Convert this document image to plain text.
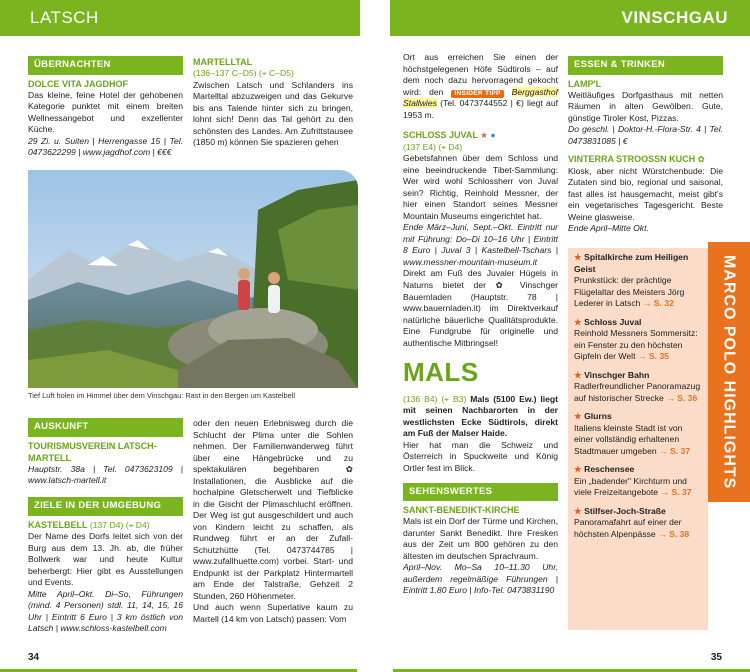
LATSCH	VINSCHGAU
ÜBERNACHTEN
DOLCE VITA JAGDHOF
Das kleine, feine Hotel der gehobenen Kategorie punktet mit einem breiten Wellnessangebot und exzellenter Küche.
29 Zi. u. Suiten | Herrengasse 15 | Tel. 0473622299 | www.jagdhof.com | €€€
MARTELLTAL
(136–137 C–D5) (⌖ C–D5)
Zwischen Latsch und Schlanders ins Martelltal abzuzweigen und das Gekurve bis ans Talende hinter sich zu bringen, lohnt sich! Denn das Tal gehört zu den schönsten des Landes. Am Zufrittstausee (1850 m) können Sie spazieren gehen
Tief Luft holen im Himmel über dem Vinschgau: Rast in den Bergen um Kastelbell
AUSKUNFT
TOURISMUSVEREIN LATSCH-MARTELL
Hauptstr. 38a | Tel. 0473623109 | www.latsch-martell.it
ZIELE IN DER UMGEBUNG
KASTELBELL (137 D4) (⌖ D4)
Der Name des Dorfs leitet sich von der Burg aus dem 13. Jh. ab, die früher Bollwerk war und heute Kultur beherbergt: Hier gibt es Ausstellungen und Events.
Mitte April–Okt. Di–So, Führungen (mind. 4 Personen) stdl. 11, 14, 15, 16 Uhr | Eintritt 6 Euro | 3 km östlich von Latsch | www.schloss-kastelbell.com
oder den neuen Erlebnisweg durch die Schlucht der Plima unter die Sohlen nehmen. Der Familienwanderweg führt über eine Hängebrücke und zu spektakulären begehbaren ✿ Installationen, die Ausblicke auf die hochalpine Gletscherwelt und Tiefblicke in die Gischt der Plimaschlucht eröffnen. Der Weg ist gut ausgeschildert und auch von Kindern leicht zu schaffen, als Rundweg führt er an der Zufall-Schutzhütte (Tel. 0473744785 | www.zufallhuette.com) vorbei. Start- und Endpunkt ist der Parkplatz Hintermartell am Ende der Talstraße, Gehzeit 2 Stunden, 260 Höhenmeter.
Und auch wenn Superlative kaum zu Martell (14 km von Latsch) passen: Vom
34
Ort aus erreichen Sie einen der höchstgelegenen Höfe Südtirols – auf dem noch dazu hervorragend gekocht wird: den INSIDER TIPP Berggasthof Stallwies (Tel. 0473744552 | €) liegt auf 1953 m.
SCHLOSS JUVAL ★ ●
(137 E4) (⌖ D4)
Gebetsfahnen über dem Schloss und eine beeindruckende Tibet-Sammlung: Wer wird wohl Schlossherr von Juval sein? Richtig, Reinhold Messner, der hier einen Standort seines Messner Mountain Museums eingerichtet hat.
Ende März–Juni, Sept.–Okt. Eintritt nur mit Führung: Do–Di 10–16 Uhr | Eintritt 8 Euro | Juval 3 | Kastelbell-Tschars | www.messner-mountain-museum.it
Direkt am Fuß des Juvaler Hügels in Naturns bietet der ✿ Vinschger Bauernladen (Hauptstr. 78 | www.bauernladen.it) im Direktverkauf natürliche bäuerliche Qualitätsprodukte. Eine Fundgrube für originelle und authentische Mitbringsel!
MALS
(136 B4) (⌖ B3) Mals (5100 Ew.) liegt mit seinen Nachbarorten in der westlichsten Ecke Südtirols, direkt am Fuß der Malser Haide.
Hier hat man die Schweiz und Österreich in Spuckweite und König Ortler fest im Blick.
SEHENSWERTES
SANKT-BENEDIKT-KIRCHE
Mals ist ein Dorf der Türme und Kirchen, darunter Sankt Benedikt. Ihre Fresken aus der Zeit um 800 gehören zu den ältesten im deutschen Sprachraum.
April–Nov. Mo–Sa 10–11.30 Uhr, außerdem regelmäßige Führungen | Eintritt 1,80 Euro | Info-Tel. 0473831190
ESSEN & TRINKEN
LAMP'L
Weitläufiges Dorfgasthaus mit netten Räumen in alten Gewölben. Gute, günstige Tiroler Kost, Pizzas.
Do geschl. | Doktor-H.-Flora-Str. 4 | Tel. 0473831085 | €
VINTERRA STROOSSN KUCH ✿
Kiosk, aber nicht Würstchenbude: Die Zutaten sind bio, regional und saisonal, fast alles ist hausgemacht, meist gibt's ein vegetarisches Tagesgericht. Beste Weine glasweise.
Ende April–Mitte Okt.
★ Spitalkirche zum Heiligen Geist
Prunkstück: der prächtige Flügelaltar des Meisters Jörg Lederer in Latsch → S. 32
★ Schloss Juval
Reinhold Messners Sommersitz: ein Fenster zu den höchsten Gipfeln der Welt → S. 35
★ Vinschger Bahn
Radlerfreundlicher Panoramazug auf historischer Strecke → S. 36
★ Glurns
Italiens kleinste Stadt ist von einer vollständig erhaltenen Stadtmauer umgeben → S. 37
★ Reschensee
Ein „badender" Kirchturm und viele Freizeitangebote → S. 37
★ Stilfser-Joch-Straße
Panoramafahrt auf einer der höchsten Alpenpässe → S. 38
MARCO POLO HIGHLIGHTS
35
